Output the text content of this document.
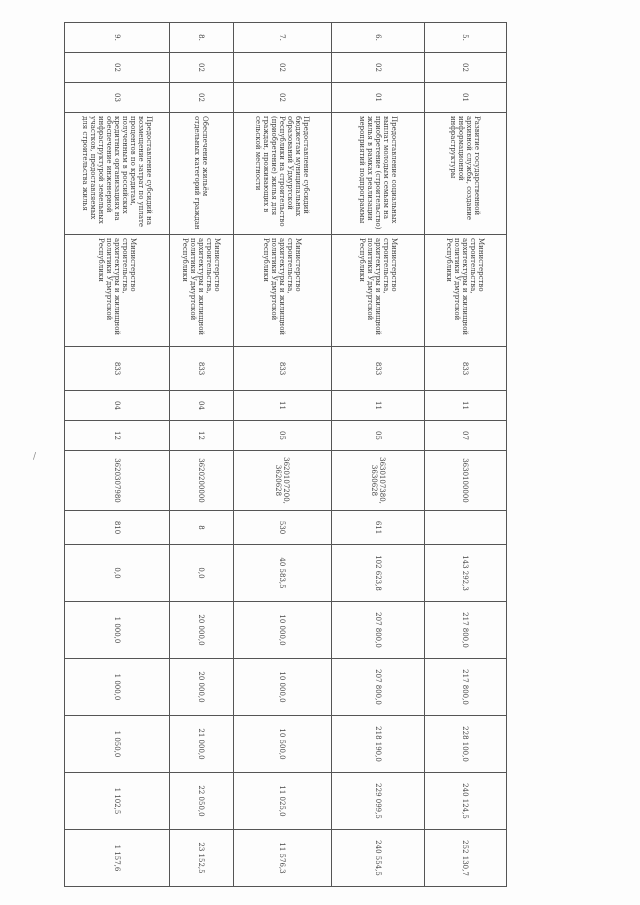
/
5.	02	01	Развитие государственной архивной службы, создание информационной инфраструктуры	Министерство строительства, архитектуры и жилищной политики Удмуртской Республики	833	11	07	3630100000		143 292,3	217 800,0	217 800,0	228 100,0	240 124,5	252 130,7
6.	02	01	Предоставление социальных выплат молодым семьям на приобретение (строительство) жилья в рамках реализации мероприятий подпрограммы	Министерство строительства, архитектуры и жилищной политики Удмуртской Республики	833	11	05	3630107380, 3630628	611	102 623,8	207 800,0	207 800,0	218 190,0	229 099,5	240 554,5
7.	02	02	Предоставление субсидий бюджетам муниципальных образований Удмуртской Республики на строительство (приобретение) жилья для граждан, проживающих в сельской местности	Министерство строительства, архитектуры и жилищной политики Удмуртской Республики	833	11	05	3620107200, 3620628	530	40 583,5	10 000,0	10 000,0	10 500,0	11 025,0	11 576,3
8.	02	02	Обеспечение жильём отдельных категорий граждан	Министерство строительства, архитектуры и жилищной политики Удмуртской Республики	833	04	12	3620200000	8	0,0	20 000,0	20 000,0	21 000,0	22 050,0	23 152,5
9.	02	03	Предоставление субсидий на возмещение затрат по уплате процентов по кредитам, полученным в российских кредитных организациях на обеспечение инженерной инфраструктурой земельных участков, предоставляемых для строительства жилья	Министерство строительства, архитектуры и жилищной политики Удмуртской Республики	833	04	12	3620307980	810	0,0	1 000,0	1 000,0	1 050,0	1 102,5	1 157,6
